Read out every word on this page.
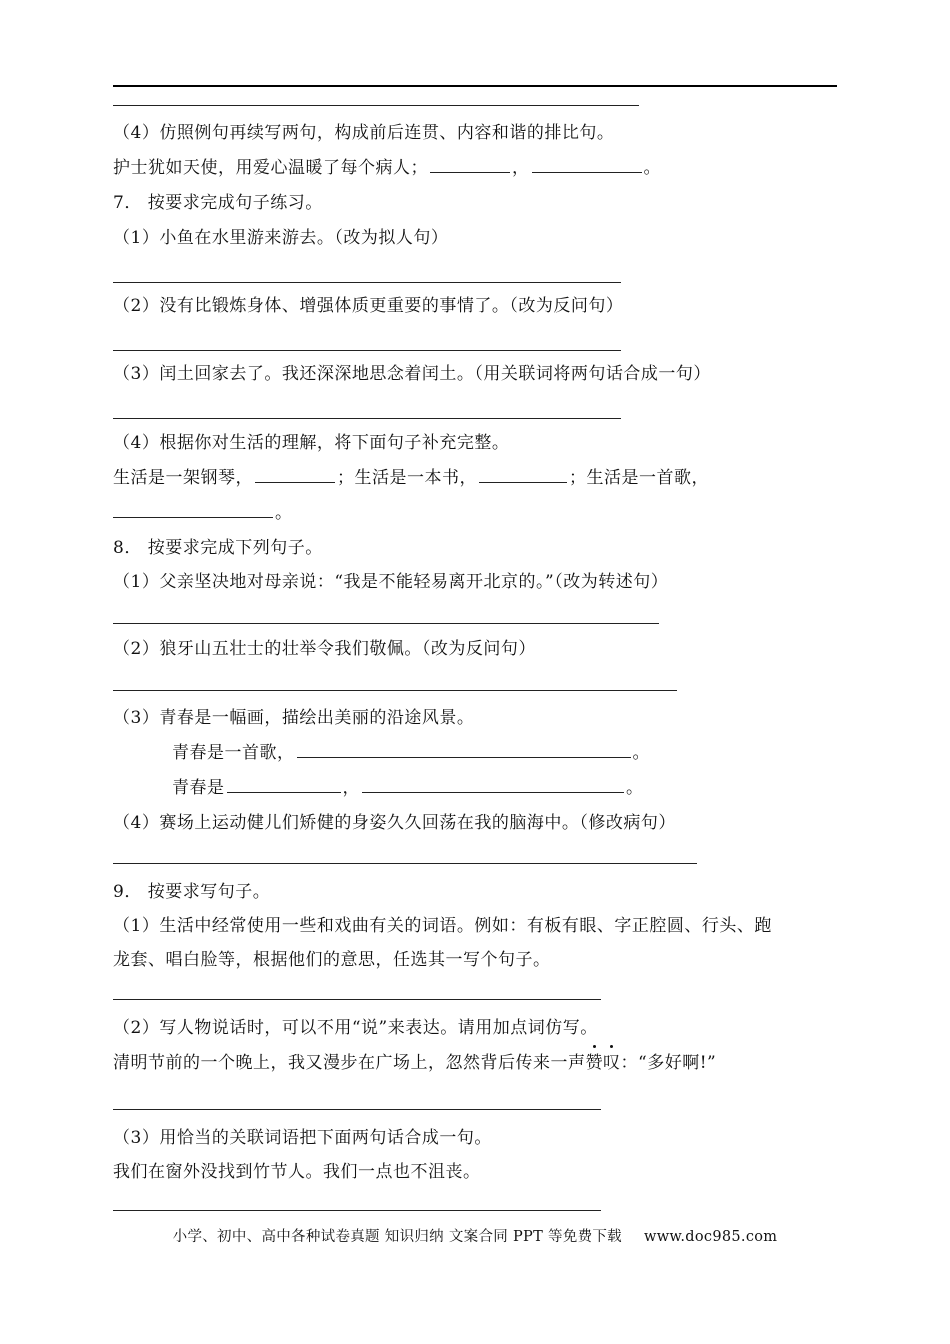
（4）仿照例句再续写两句，构成前后连贯、内容和谐的排比句。
护士犹如天使，用爱心温暖了每个病人；	，	。
7． 按要求完成句子练习。
（1）小鱼在水里游来游去。（改为拟人句）
（2）没有比锻炼身体、增强体质更重要的事情了。（改为反问句）
（3）闰土回家去了。我还深深地思念着闰土。（用关联词将两句话合成一句）
（4）根据你对生活的理解，将下面句子补充完整。
生活是一架钢琴，	；生活是一本书，	；生活是一首歌，
。
8． 按要求完成下列句子。
（1）父亲坚决地对母亲说：“我是不能轻易离开北京的。”（改为转述句）
（2）狼牙山五壮士的壮举令我们敬佩。（改为反问句）
（3）青春是一幅画，描绘出美丽的沿途风景。
青春是一首歌，	。
青春是	，	。
（4）赛场上运动健儿们矫健的身姿久久回荡在我的脑海中。（修改病句）
9． 按要求写句子。
（1）生活中经常使用一些和戏曲有关的词语。例如：有板有眼、字正腔圆、行头、跑
龙套、唱白脸等，根据他们的意思，任选其一写个句子。
（2）写人物说话时，可以不用“说”来表达。请用加点词仿写。
清明节前的一个晚上，我又漫步在广场上，忽然背后传来一声赞叹：“多好啊!”
（3）用恰当的关联词语把下面两句话合成一句。
我们在窗外没找到竹节人。我们一点也不沮丧。
小学、初中、高中各种试卷真题 知识归纳 文案合同 PPT 等免费下载 www.doc985.com
